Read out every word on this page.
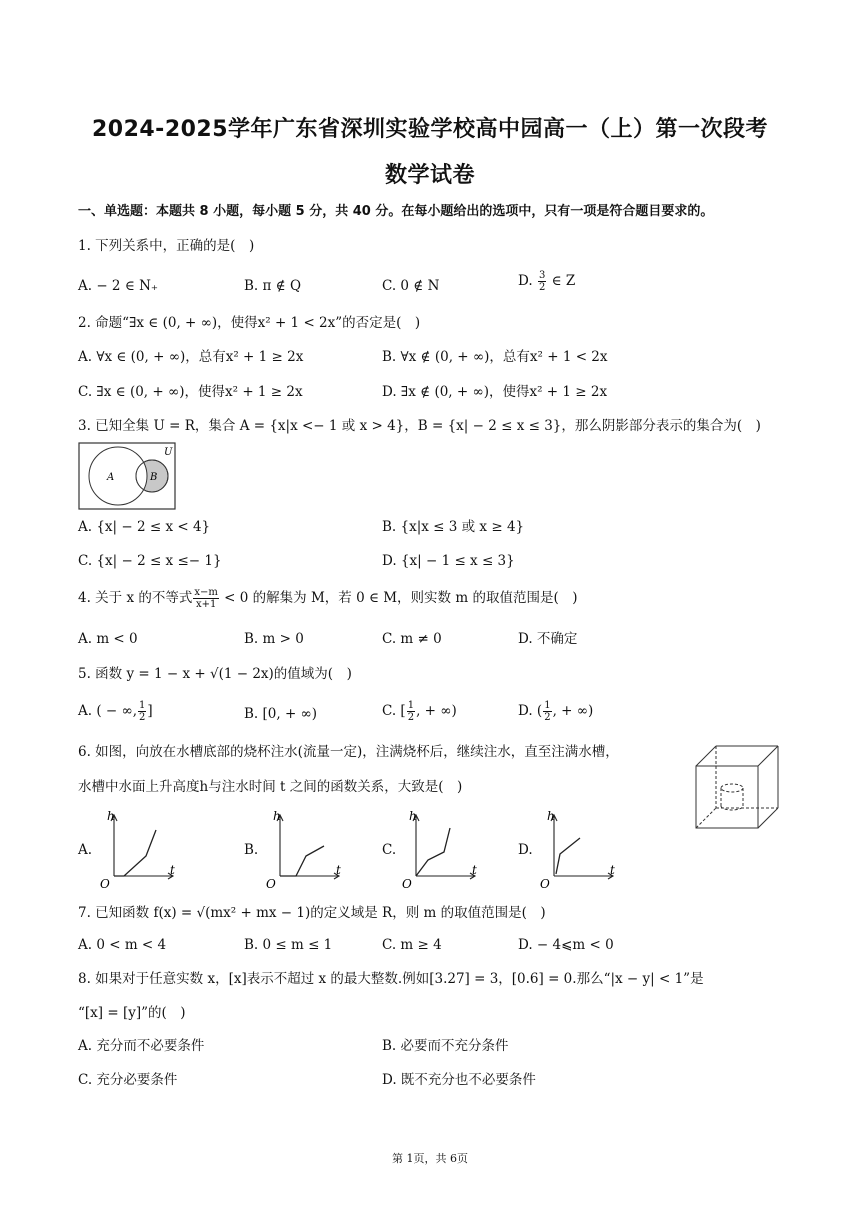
2024-2025学年广东省深圳实验学校高中园高一（上）第一次段考
数学试卷
一、单选题：本题共 8 小题，每小题 5 分，共 40 分。在每小题给出的选项中，只有一项是符合题目要求的。
1. 下列关系中，正确的是(　)
A. − 2 ∈ N₊	B. π ∉ Q	C. 0 ∉ N	D. $\frac{3}{2}$ ∈ Z
2. 命题“∃x ∈ (0, + ∞)，使得x² + 1 < 2x”的否定是(　)
A. ∀x ∈ (0, + ∞)，总有x² + 1 ≥ 2x	B. ∀x ∉ (0, + ∞)，总有x² + 1 < 2x
C. ∃x ∈ (0, + ∞)，使得x² + 1 ≥ 2x	D. ∃x ∉ (0, + ∞)，使得x² + 1 ≥ 2x
3. 已知全集 U = R，集合 A = {x|x <− 1 或 x > 4}，B = {x| − 2 ≤ x ≤ 3}，那么阴影部分表示的集合为(　)
U
A	B
A. {x| − 2 ≤ x < 4}	B. {x|x ≤ 3 或 x ≥ 4}
C. {x| − 2 ≤ x ≤− 1}	D. {x| − 1 ≤ x ≤ 3}
4. 关于 x 的不等式 $\frac{x-m}{x+1} < 0$ 的解集为 M，若 0 ∈ M，则实数 m 的取值范围是(　)
A. m < 0	B. m > 0	C. m ≠ 0	D. 不确定
5. 函数 y = 1 − x + √(1 − 2x)的值域为(　)
A. ( − ∞, $\frac{1}{2}$ ]	B. [0, + ∞)	C. [ $\frac{1}{2}$ , + ∞)	D. ( $\frac{1}{2}$ , + ∞)
6. 如图，向放在水槽底部的烧杯注水(流量一定)，注满烧杯后，继续注水，直至注满水槽，
水槽中水面上升高度h与注水时间 t 之间的函数关系，大致是(　)
A.	B.	C.	D.
h
t
O
h
t
O
h
t
O
h
t
O
7. 已知函数 f(x) = √(mx² + mx − 1)的定义域是 R，则 m 的取值范围是(　)
A. 0 < m < 4	B. 0 ≤ m ≤ 1	C. m ≥ 4	D. − 4⩽m < 0
8. 如果对于任意实数 x，[x]表示不超过 x 的最大整数.例如[3.27] = 3，[0.6] = 0.那么“|x − y| < 1”是
“[x] = [y]”的(　)
A. 充分而不必要条件	B. 必要而不充分条件
C. 充分必要条件	D. 既不充分也不必要条件
第 1页，共 6页
